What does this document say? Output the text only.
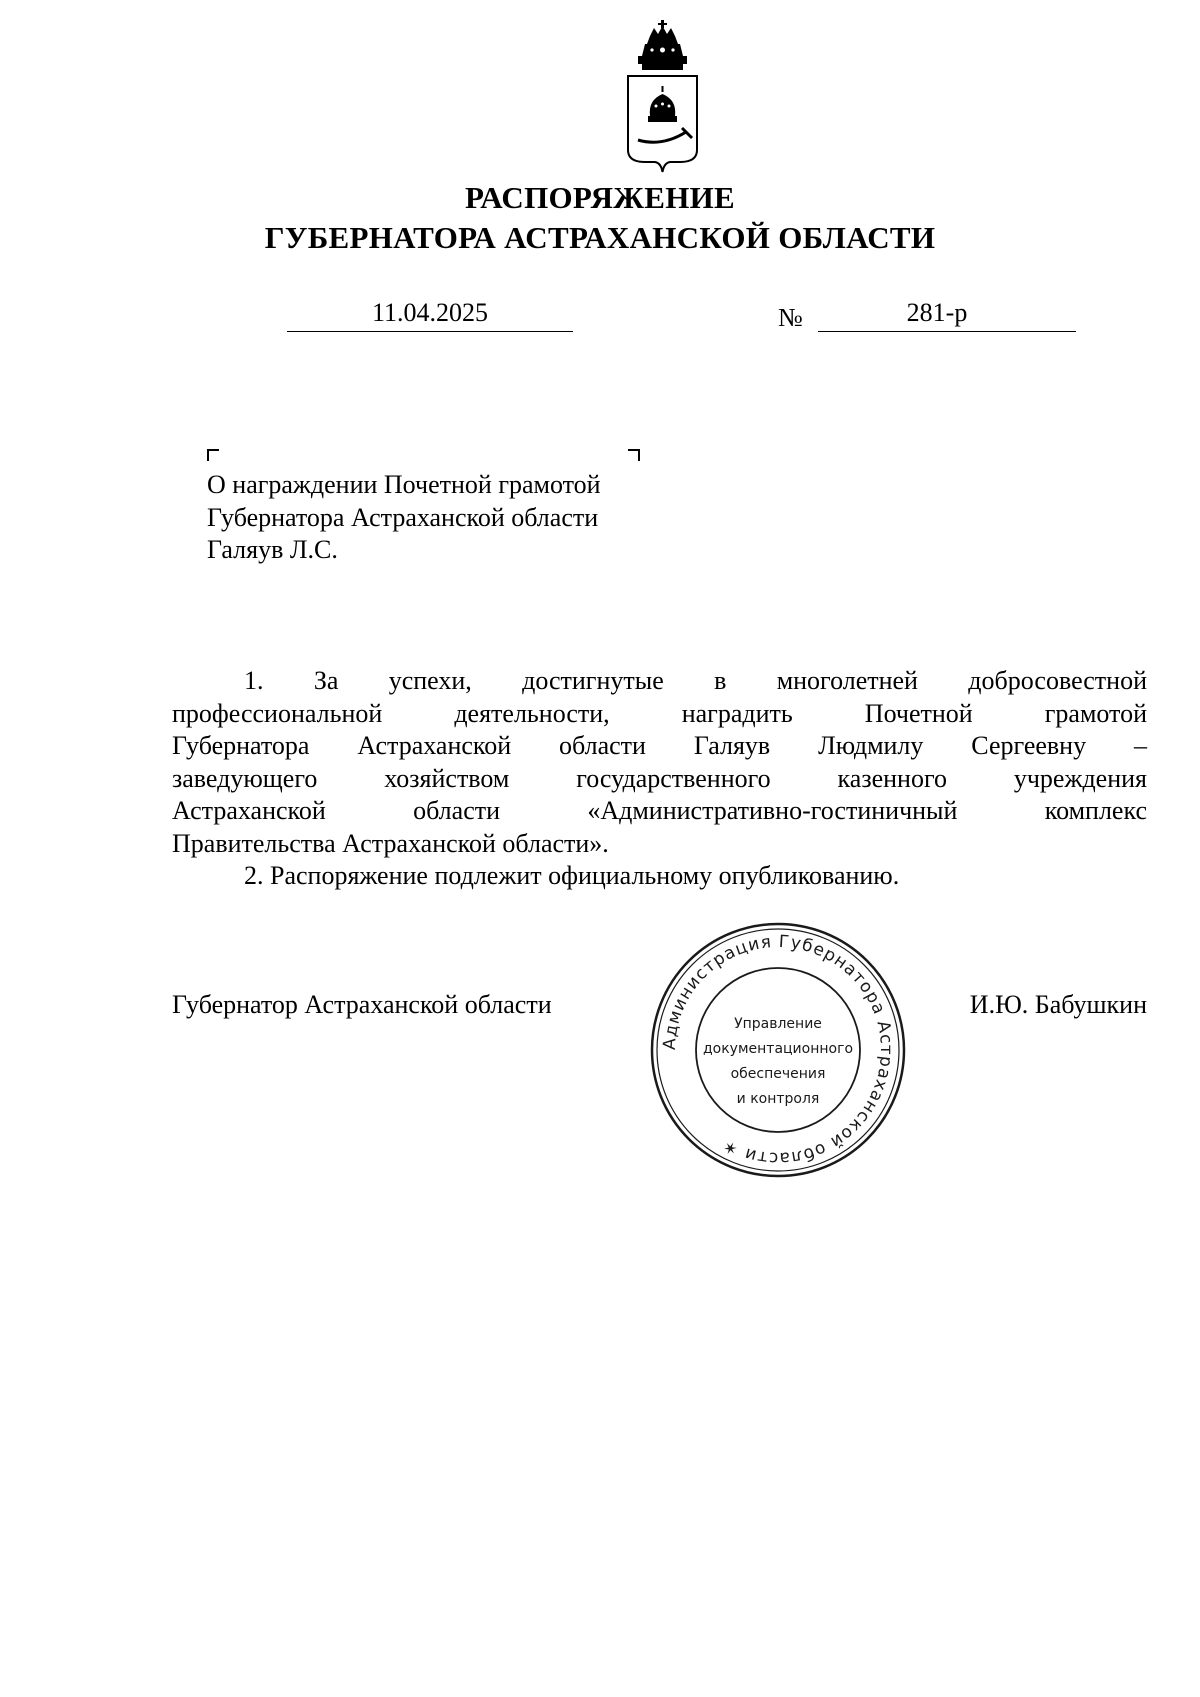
РАСПОРЯЖЕНИЕ
ГУБЕРНАТОРА АСТРАХАНСКОЙ ОБЛАСТИ
11.04.2025	№	281-р
О награждении Почетной грамотой
Губернатора Астраханской области
Галяув Л.С.
1. За успехи, достигнутые в многолетней добросовестной
профессиональной деятельности, наградить Почетной грамотой
Губернатора Астраханской области Галяув Людмилу Сергеевну –
заведующего хозяйством государственного казенного учреждения
Астраханской области «Административно-гостиничный комплекс
Правительства Астраханской области».
2. Распоряжение подлежит официальному опубликованию.
Губернатор Астраханской области	И.Ю. Бабушкин
Администрация Губернатора Астраханской области ✶
Управление
документационного
обеспечения
и контроля
